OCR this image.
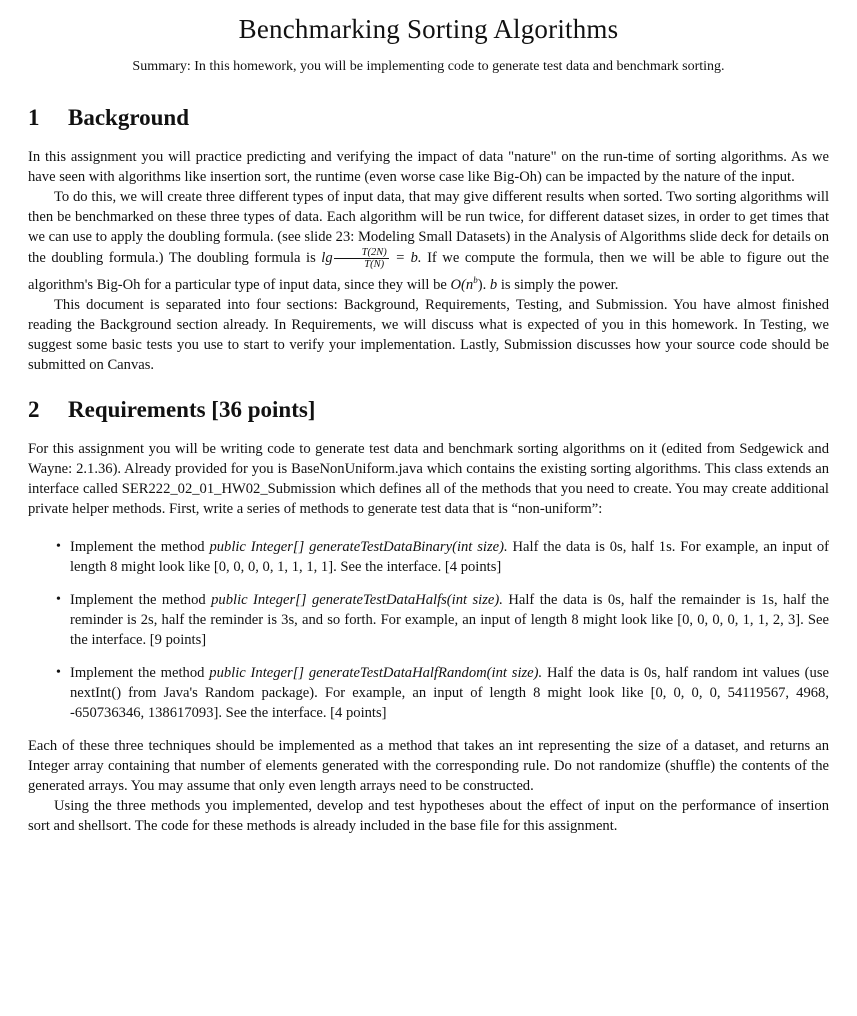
Benchmarking Sorting Algorithms

Summary: In this homework, you will be implementing code to generate test data and benchmark sorting.

1 Background

In this assignment you will practice predicting and verifying the impact of data "nature" on the run-time of sorting algorithms. As we have seen with algorithms like insertion sort, the runtime (even worse case like Big-Oh) can be impacted by the nature of the input.

To do this, we will create three different types of input data, that may give different results when sorted. Two sorting algorithms will then be benchmarked on these three types of data. Each algorithm will be run twice, for different dataset sizes, in order to get times that we can use to apply the doubling formula. (see slide 23: Modeling Small Datasets) in the Analysis of Algorithms slide deck for details on the doubling formula.) The doubling formula is $\lg \frac{T(2N)}{T(N)} = b$. If we compute the formula, then we will be able to figure out the algorithm's Big-Oh for a particular type of input data, since they will be $O(n^b)$. b is simply the power.

This document is separated into four sections: Background, Requirements, Testing, and Submission. You have almost finished reading the Background section already. In Requirements, we will discuss what is expected of you in this homework. In Testing, we suggest some basic tests you use to start to verify your implementation. Lastly, Submission discusses how your source code should be submitted on Canvas.

2 Requirements [36 points]

For this assignment you will be writing code to generate test data and benchmark sorting algorithms on it (edited from Sedgewick and Wayne: 2.1.36). Already provided for you is BaseNonUniform.java which contains the existing sorting algorithms. This class extends an interface called SER222_02_01_HW02_Submission which defines all of the methods that you need to create. You may create additional private helper methods. First, write a series of methods to generate test data that is “non-uniform”:

• Implement the method public Integer[] generateTestDataBinary(int size). Half the data is 0s, half 1s. For example, an input of length 8 might look like [0, 0, 0, 0, 1, 1, 1, 1]. See the interface. [4 points]
• Implement the method public Integer[] generateTestDataHalfs(int size). Half the data is 0s, half the remainder is 1s, half the reminder is 2s, half the reminder is 3s, and so forth. For example, an input of length 8 might look like [0, 0, 0, 0, 1, 1, 2, 3]. See the interface. [9 points]
• Implement the method public Integer[] generateTestDataHalfRandom(int size). Half the data is 0s, half random int values (use nextInt() from Java's Random package). For example, an input of length 8 might look like [0, 0, 0, 0, 54119567, 4968, -650736346, 138617093]. See the interface. [4 points]

Each of these three techniques should be implemented as a method that takes an int representing the size of a dataset, and returns an Integer array containing that number of elements generated with the corresponding rule. Do not randomize (shuffle) the contents of the generated arrays. You may assume that only even length arrays need to be constructed.

Using the three methods you implemented, develop and test hypotheses about the effect of input on the performance of insertion sort and shellsort. The code for these methods is already included in the base file for this assignment.
